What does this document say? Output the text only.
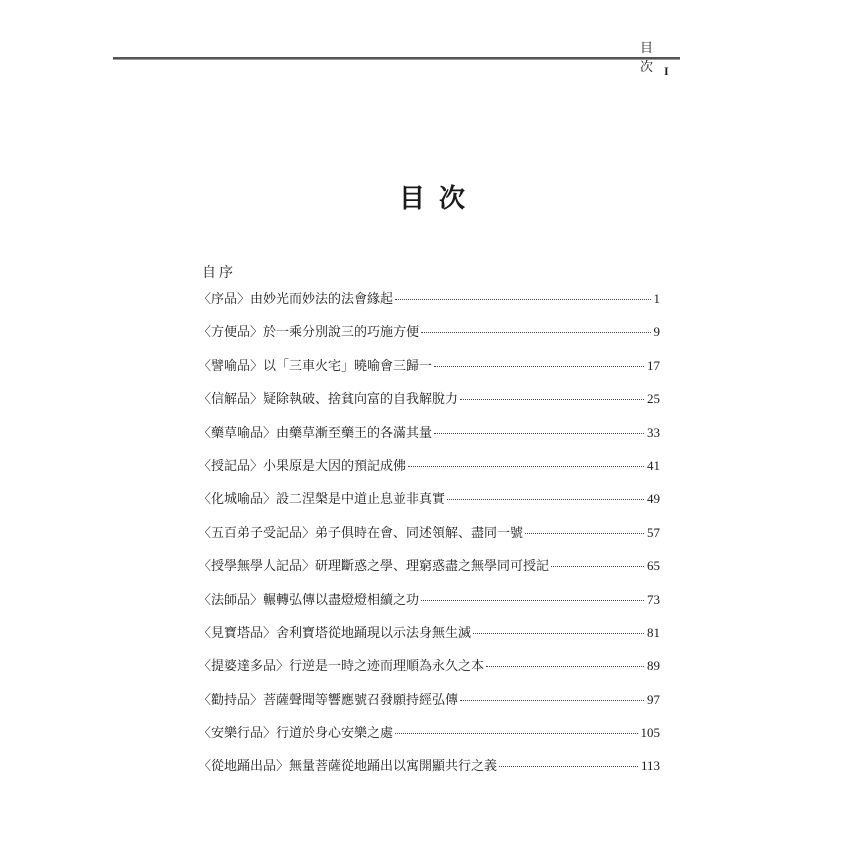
目 次 I
目次
自序
〈序品〉由妙光而妙法的法會緣起	1
〈方便品〉於一乘分別說三的巧施方便	9
〈譬喻品〉以「三車火宅」曉喻會三歸一	17
〈信解品〉疑除執破、捨貧向富的自我解脫力	25
〈藥草喻品〉由藥草漸至藥王的各滿其量	33
〈授記品〉小果原是大因的預記成佛	41
〈化城喻品〉設二涅槃是中道止息並非真實	49
〈五百弟子受記品〉弟子俱時在會、同述領解、盡同一號	57
〈授學無學人記品〉研理斷惑之學、理窮惑盡之無學同可授記	65
〈法師品〉輾轉弘傳以盡燈燈相續之功	73
〈見寶塔品〉舍利寶塔從地踊現以示法身無生滅	81
〈提婆達多品〉行逆是一時之迹而理順為永久之本	89
〈勸持品〉菩薩聲聞等響應號召發願持經弘傳	97
〈安樂行品〉行道於身心安樂之處	105
〈從地踊出品〉無量菩薩從地踊出以寓開顯共行之義	113
